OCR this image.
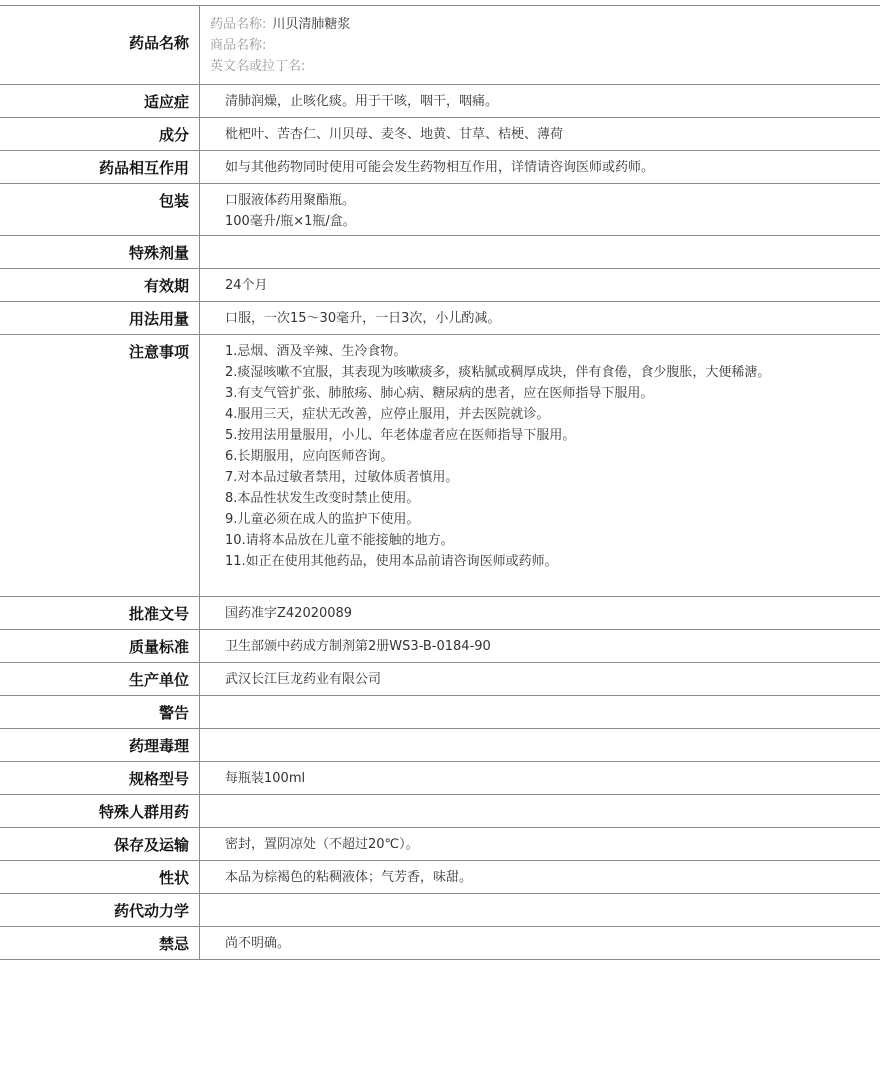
药品名称
药品名称: 川贝清肺糖浆
商品名称:
英文名或拉丁名:
适应症	清肺润燥，止咳化痰。用于干咳，咽干，咽痛。
成分	枇杷叶、苦杏仁、川贝母、麦冬、地黄、甘草、桔梗、薄荷
药品相互作用	如与其他药物同时使用可能会发生药物相互作用，详情请咨询医师或药师。
包装	口服液体药用聚酯瓶。
100毫升/瓶×1瓶/盒。
特殊剂量
有效期	24个月
用法用量	口服，一次15～30毫升，一日3次，小儿酌减。
注意事项	1.忌烟、酒及辛辣、生冷食物。
2.痰湿咳嗽不宜服，其表现为咳嗽痰多，痰粘腻或稠厚成块，伴有食倦，食少腹胀，大便稀溏。
3.有支气管扩张、肺脓疡、肺心病、糖尿病的患者，应在医师指导下服用。
4.服用三天，症状无改善，应停止服用，并去医院就诊。
5.按用法用量服用，小儿、年老体虚者应在医师指导下服用。
6.长期服用，应向医师咨询。
7.对本品过敏者禁用，过敏体质者慎用。
8.本品性状发生改变时禁止使用。
9.儿童必须在成人的监护下使用。
10.请将本品放在儿童不能接触的地方。
11.如正在使用其他药品，使用本品前请咨询医师或药师。
批准文号	国药准字Z42020089
质量标准	卫生部颁中药成方制剂第2册WS3-B-0184-90
生产单位	武汉长江巨龙药业有限公司
警告
药理毒理
规格型号	每瓶装100ml
特殊人群用药
保存及运输	密封，置阴凉处（不超过20℃）。
性状	本品为棕褐色的粘稠液体；气芳香，味甜。
药代动力学
禁忌	尚不明确。
